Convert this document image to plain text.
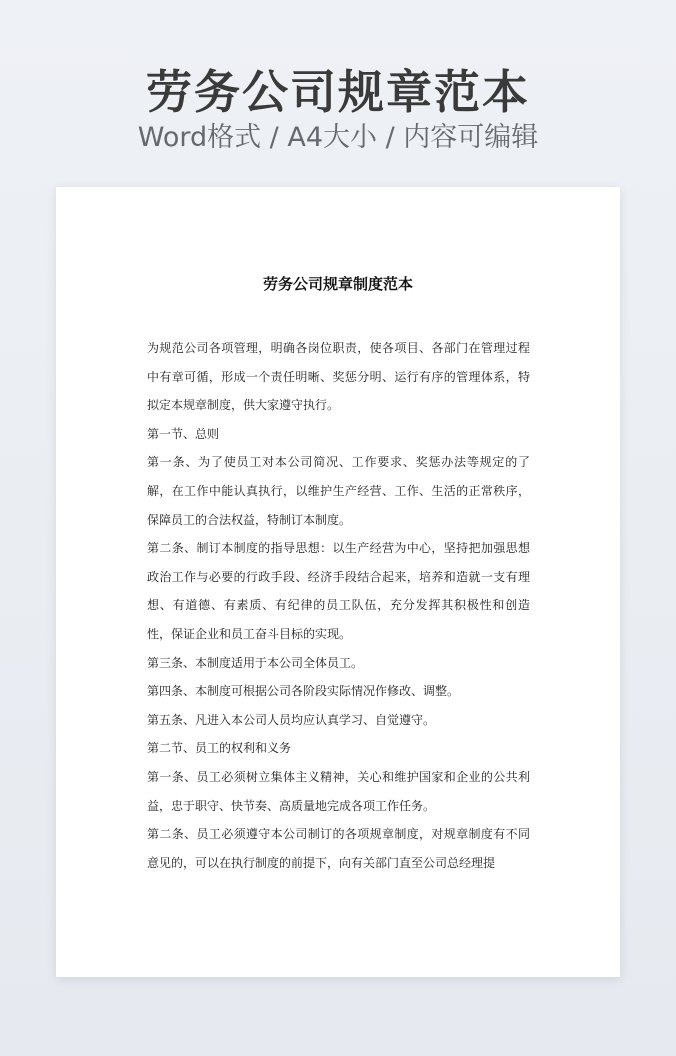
劳务公司规章范本
Word格式 / A4大小 / 内容可编辑
劳务公司规章制度范本

为规范公司各项管理，明确各岗位职责，使各项目、各部门在管理过程中有章可循，形成一个责任明晰、奖惩分明、运行有序的管理体系，特拟定本规章制度，供大家遵守执行。

第一节、总则

第一条、为了使员工对本公司简况、工作要求、奖惩办法等规定的了解，在工作中能认真执行，以维护生产经营、工作、生活的正常秩序，保障员工的合法权益，特制订本制度。

第二条、制订本制度的指导思想：以生产经营为中心，坚持把加强思想政治工作与必要的行政手段、经济手段结合起来，培养和造就一支有理想、有道德、有素质、有纪律的员工队伍，充分发挥其积极性和创造性，保证企业和员工奋斗目标的实现。

第三条、本制度适用于本公司全体员工。

第四条、本制度可根据公司各阶段实际情况作修改、调整。

第五条、凡进入本公司人员均应认真学习、自觉遵守。

第二节、员工的权利和义务

第一条、员工必须树立集体主义精神，关心和维护国家和企业的公共利益，忠于职守、快节奏、高质量地完成各项工作任务。

第二条、员工必须遵守本公司制订的各项规章制度，对规章制度有不同意见的，可以在执行制度的前提下，向有关部门直至公司总经理提
